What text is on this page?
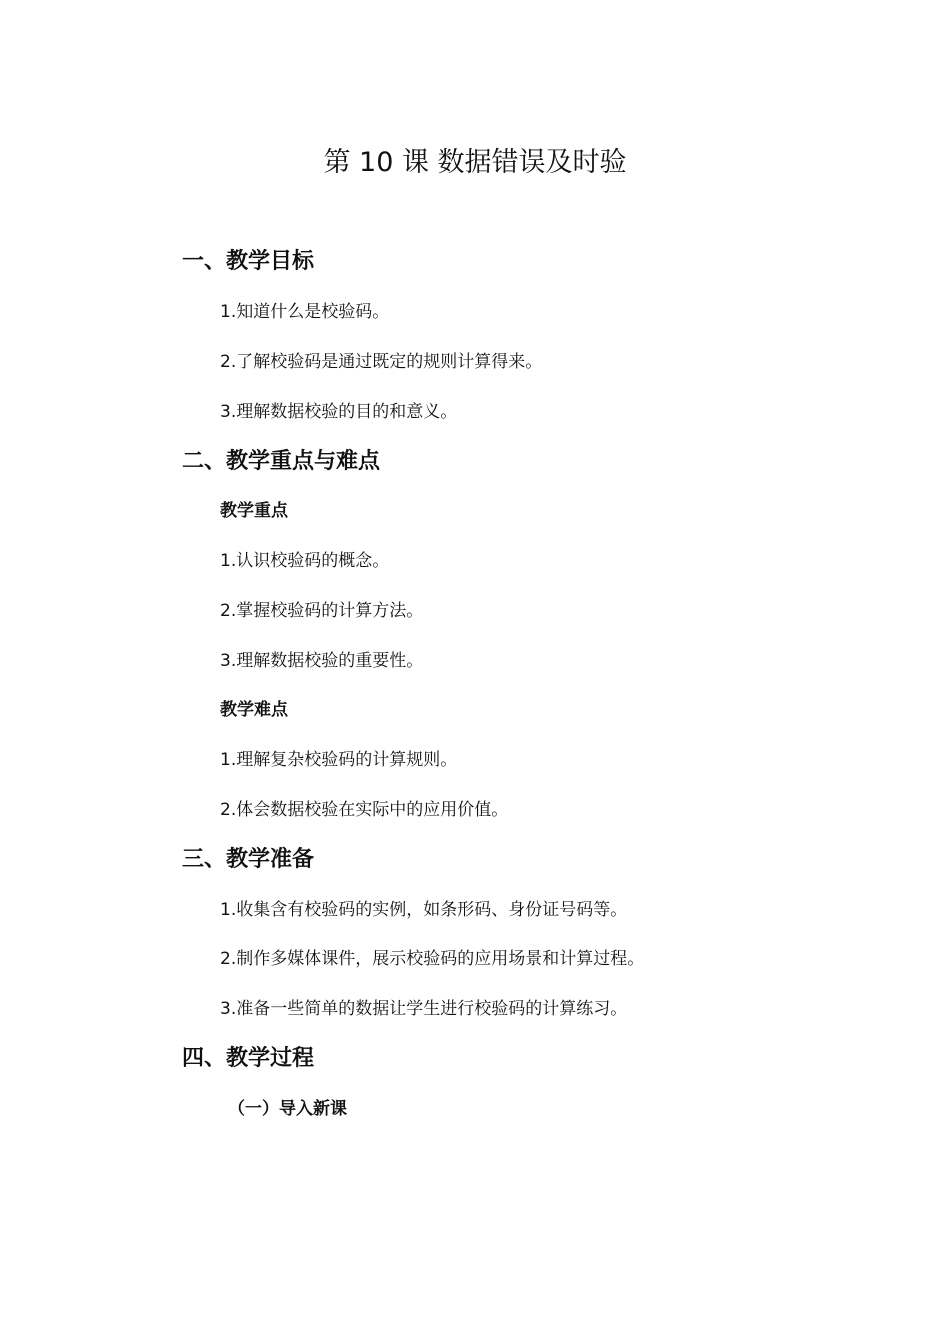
第 10 课 数据错误及时验
一、教学目标
1.知道什么是校验码。
2.了解校验码是通过既定的规则计算得来。
3.理解数据校验的目的和意义。
二、教学重点与难点
教学重点
1.认识校验码的概念。
2.掌握校验码的计算方法。
3.理解数据校验的重要性。
教学难点
1.理解复杂校验码的计算规则。
2.体会数据校验在实际中的应用价值。
三、教学准备
1.收集含有校验码的实例，如条形码、身份证号码等。
2.制作多媒体课件，展示校验码的应用场景和计算过程。
3.准备一些简单的数据让学生进行校验码的计算练习。
四、教学过程
（一）导入新课
